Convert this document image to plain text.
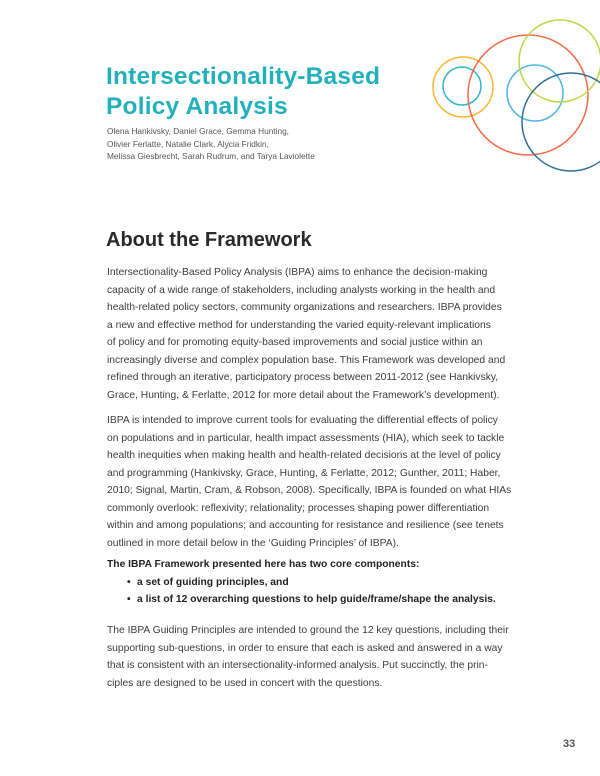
Intersectionality-Based
Policy Analysis
Olena Hankivsky, Daniel Grace, Gemma Hunting,
Olivier Ferlatte, Natalie Clark, Alycia Fridkin,
Melissa Giesbrecht, Sarah Rudrum, and Tarya Laviolette
About the Framework
Intersectionality-Based Policy Analysis (IBPA) aims to enhance the decision-making
capacity of a wide range of stakeholders, including analysts working in the health and
health-related policy sectors, community organizations and researchers. IBPA provides
a new and effective method for understanding the varied equity-relevant implications
of policy and for promoting equity-based improvements and social justice within an
increasingly diverse and complex population base. This Framework was developed and
refined through an iterative, participatory process between 2011-2012 (see Hankivsky,
Grace, Hunting, & Ferlatte, 2012 for more detail about the Framework’s development).
IBPA is intended to improve current tools for evaluating the differential effects of policy
on populations and in particular, health impact assessments (HIA), which seek to tackle
health inequities when making health and health-related decisions at the level of policy
and programming (Hankivsky, Grace, Hunting, & Ferlatte, 2012; Gunther, 2011; Haber,
2010; Signal, Martin, Cram, & Robson, 2008). Specifically, IBPA is founded on what HIAs
commonly overlook: reflexivity; relationality; processes shaping power differentiation
within and among populations; and accounting for resistance and resilience (see tenets
outlined in more detail below in the ‘Guiding Principles’ of IBPA).
The IBPA Framework presented here has two core components:
• a set of guiding principles, and
• a list of 12 overarching questions to help guide/frame/shape the analysis.
The IBPA Guiding Principles are intended to ground the 12 key questions, including their
supporting sub-questions, in order to ensure that each is asked and answered in a way
that is consistent with an intersectionality-informed analysis. Put succinctly, the prin-
ciples are designed to be used in concert with the questions.
33
